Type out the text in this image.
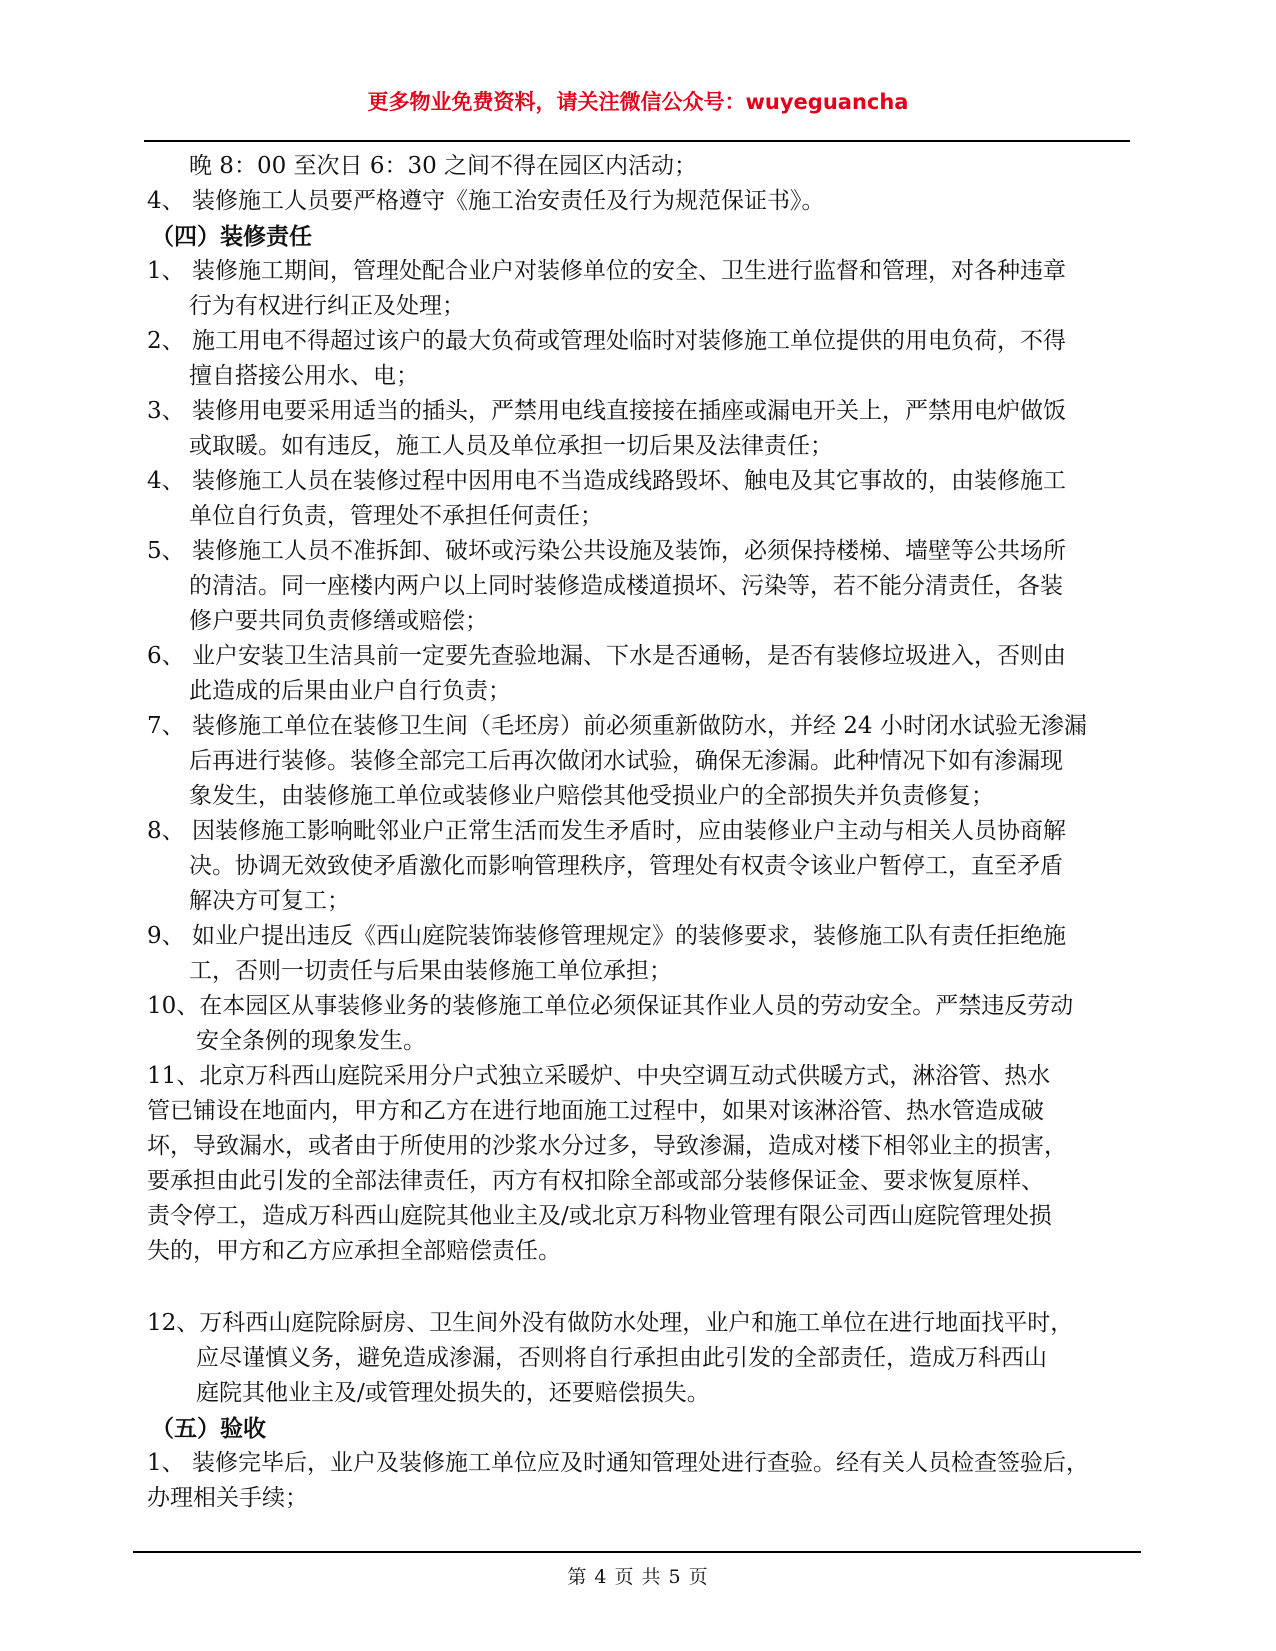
更多物业免费资料，请关注微信公众号：wuyeguancha
晚 8：00 至次日 6：30 之间不得在园区内活动；
4、 装修施工人员要严格遵守《施工治安责任及行为规范保证书》。
（四）装修责任
1、 装修施工期间，管理处配合业户对装修单位的安全、卫生进行监督和管理，对各种违章
行为有权进行纠正及处理；
2、 施工用电不得超过该户的最大负荷或管理处临时对装修施工单位提供的用电负荷，不得
擅自搭接公用水、电；
3、 装修用电要采用适当的插头，严禁用电线直接接在插座或漏电开关上，严禁用电炉做饭
或取暖。如有违反，施工人员及单位承担一切后果及法律责任；
4、 装修施工人员在装修过程中因用电不当造成线路毁坏、触电及其它事故的，由装修施工
单位自行负责，管理处不承担任何责任；
5、 装修施工人员不准拆卸、破坏或污染公共设施及装饰，必须保持楼梯、墙壁等公共场所
的清洁。同一座楼内两户以上同时装修造成楼道损坏、污染等，若不能分清责任，各装
修户要共同负责修缮或赔偿；
6、 业户安装卫生洁具前一定要先查验地漏、下水是否通畅，是否有装修垃圾进入，否则由
此造成的后果由业户自行负责；
7、 装修施工单位在装修卫生间（毛坯房）前必须重新做防水，并经 24 小时闭水试验无渗漏
后再进行装修。装修全部完工后再次做闭水试验，确保无渗漏。此种情况下如有渗漏现
象发生，由装修施工单位或装修业户赔偿其他受损业户的全部损失并负责修复；
8、 因装修施工影响毗邻业户正常生活而发生矛盾时，应由装修业户主动与相关人员协商解
决。协调无效致使矛盾激化而影响管理秩序，管理处有权责令该业户暂停工，直至矛盾
解决方可复工；
9、 如业户提出违反《西山庭院装饰装修管理规定》的装修要求，装修施工队有责任拒绝施
工，否则一切责任与后果由装修施工单位承担；
10、在本园区从事装修业务的装修施工单位必须保证其作业人员的劳动安全。严禁违反劳动
安全条例的现象发生。
11、北京万科西山庭院采用分户式独立采暖炉、中央空调互动式供暖方式，淋浴管、热水
管已铺设在地面内，甲方和乙方在进行地面施工过程中，如果对该淋浴管、热水管造成破
坏，导致漏水，或者由于所使用的沙浆水分过多，导致渗漏，造成对楼下相邻业主的损害，
要承担由此引发的全部法律责任，丙方有权扣除全部或部分装修保证金、要求恢复原样、
责令停工，造成万科西山庭院其他业主及/或北京万科物业管理有限公司西山庭院管理处损
失的，甲方和乙方应承担全部赔偿责任。
12、万科西山庭院除厨房、卫生间外没有做防水处理，业户和施工单位在进行地面找平时，
应尽谨慎义务，避免造成渗漏，否则将自行承担由此引发的全部责任，造成万科西山
庭院其他业主及/或管理处损失的，还要赔偿损失。
（五）验收
1、 装修完毕后，业户及装修施工单位应及时通知管理处进行查验。经有关人员检查签验后，
办理相关手续；
第 4 页 共 5 页
